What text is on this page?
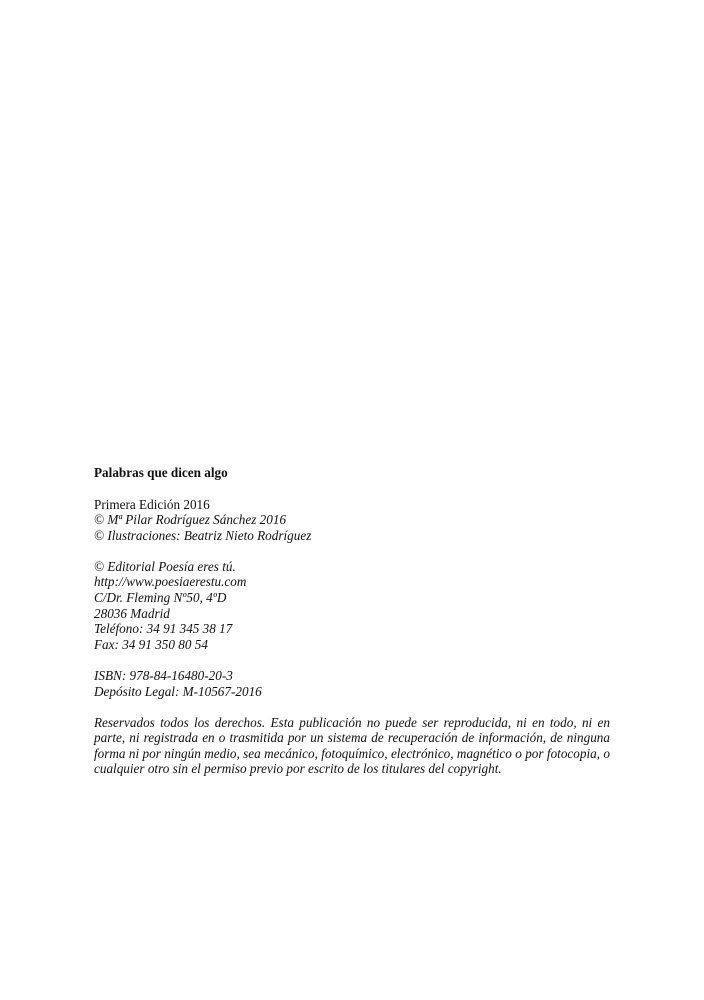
Palabras que dicen algo
Primera Edición 2016
© Mª Pilar Rodríguez Sánchez 2016
© Ilustraciones: Beatriz Nieto Rodríguez
© Editorial Poesía eres tú.
http://www.poesiaerestu.com
C/Dr. Fleming Nº50, 4ºD
28036 Madrid
Teléfono: 34 91 345 38 17
Fax: 34 91 350 80 54
ISBN: 978-84-16480-20-3
Depósito Legal: M-10567-2016

Reservados todos los derechos. Esta publicación no puede ser reproducida, ni en todo, ni en parte, ni registrada en o trasmitida por un sistema de recuperación de información, de ninguna forma ni por ningún medio, sea mecánico, fotoquímico, electrónico, magnético o por fotocopia, o cualquier otro sin el permiso previo por escrito de los titulares del copyright.
